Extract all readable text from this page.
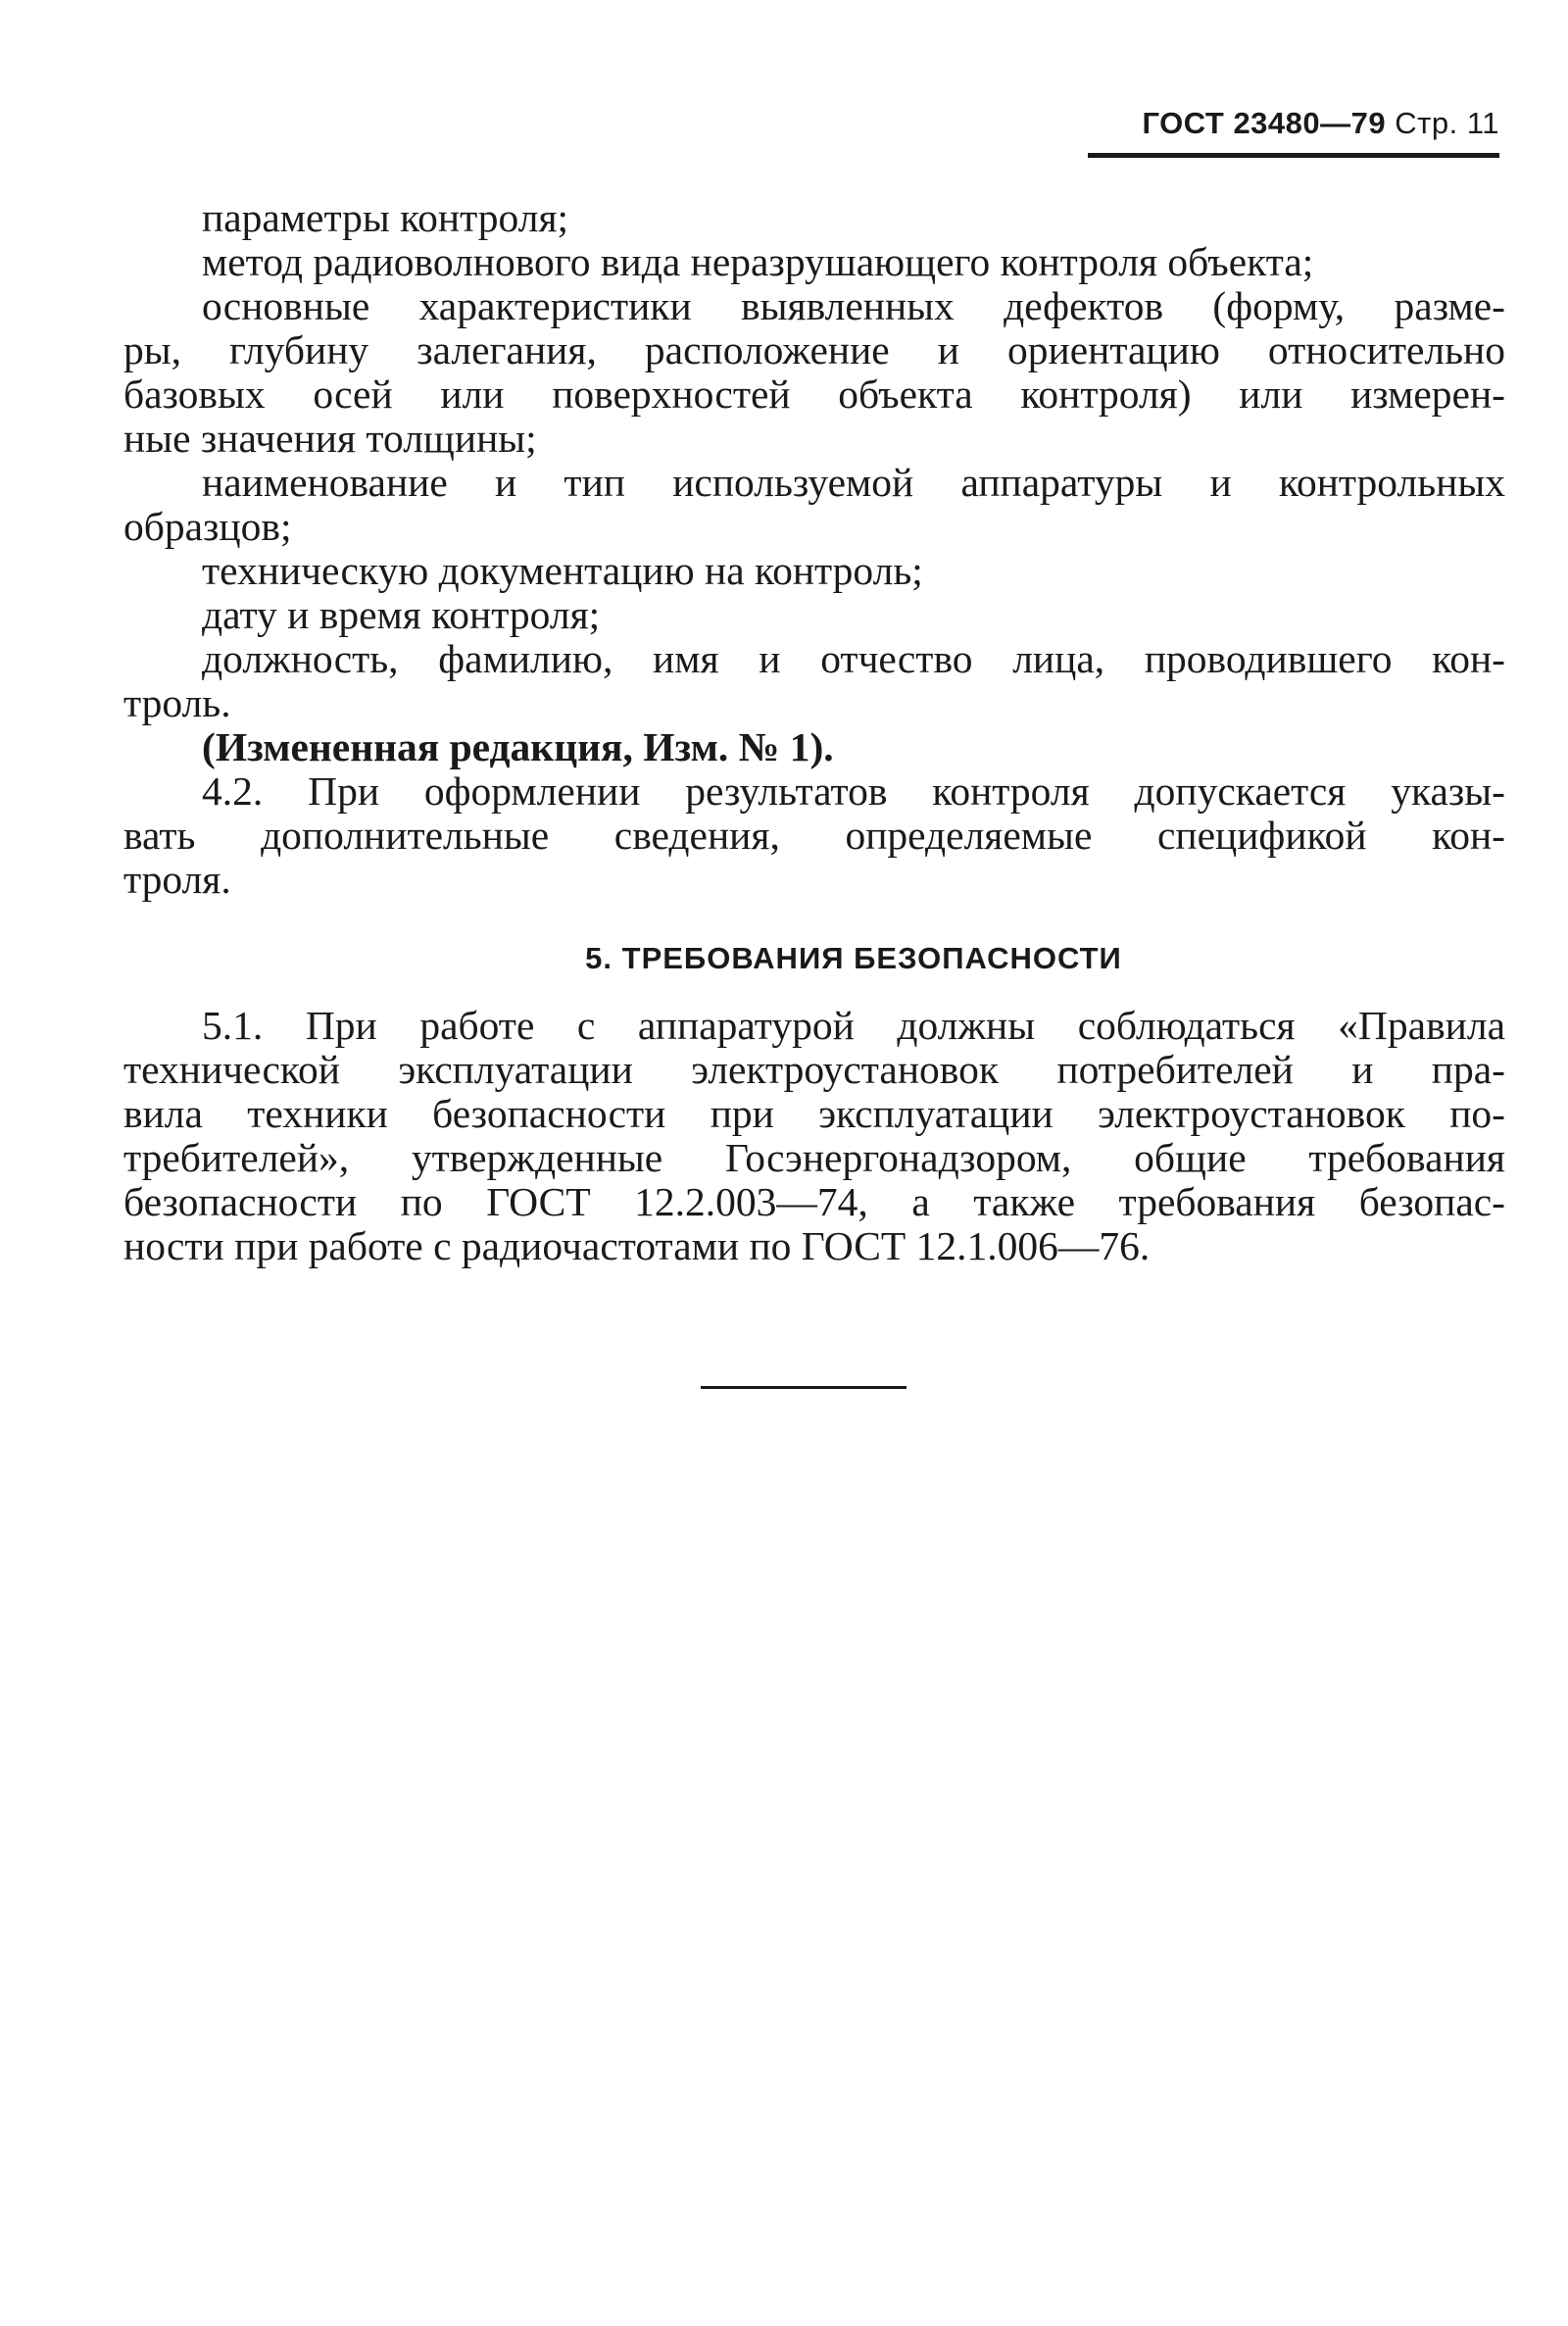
ГОСТ 23480—79 Стр. 11
параметры контроля;
метод радиоволнового вида неразрушающего контроля объекта;
основные характеристики выявленных дефектов (форму, разме-
ры, глубину залегания, расположение и ориентацию относительно
базовых осей или поверхностей объекта контроля) или измерен-
ные значения толщины;
наименование и тип используемой аппаратуры и контрольных
образцов;
техническую документацию на контроль;
дату и время контроля;
должность, фамилию, имя и отчество лица, проводившего кон-
троль.
(Измененная редакция, Изм. № 1).
4.2. При оформлении результатов контроля допускается указы-
вать дополнительные сведения, определяемые спецификой кон-
троля.
5. ТРЕБОВАНИЯ БЕЗОПАСНОСТИ
5.1. При работе с аппаратурой должны соблюдаться «Правила
технической эксплуатации электроустановок потребителей и пра-
вила техники безопасности при эксплуатации электроустановок по-
требителей», утвержденные Госэнергонадзором, общие требования
безопасности по ГОСТ 12.2.003—74, а также требования безопас-
ности при работе с радиочастотами по ГОСТ 12.1.006—76.
